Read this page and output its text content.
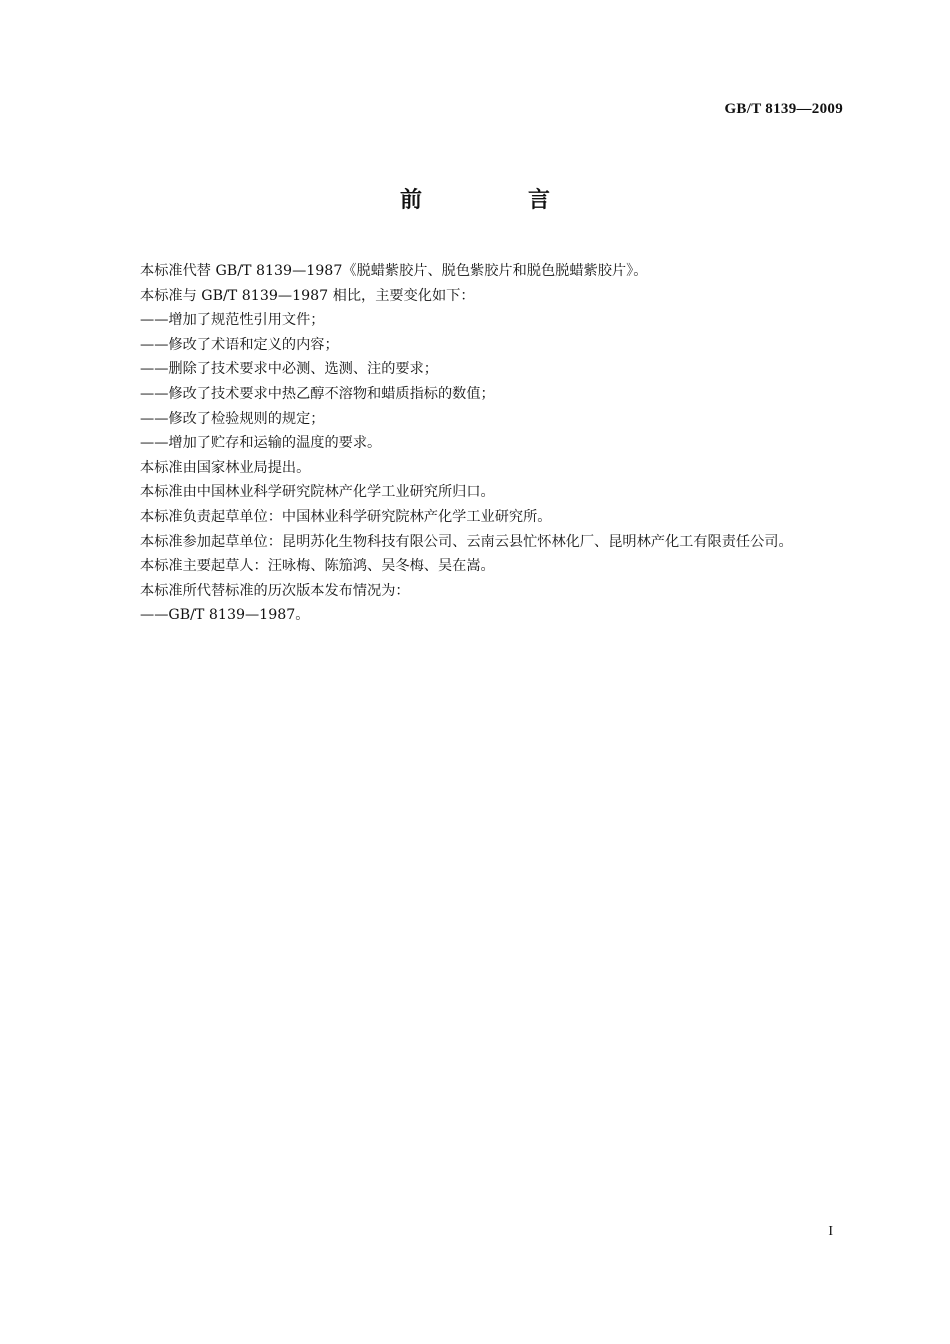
GB/T 8139—2009
前　言

本标准代替 GB/T 8139—1987《脱蜡紫胶片、脱色紫胶片和脱色脱蜡紫胶片》。

本标准与 GB/T 8139—1987 相比，主要变化如下：

——增加了规范性引用文件；

——修改了术语和定义的内容；

——删除了技术要求中必测、选测、注的要求；

——修改了技术要求中热乙醇不溶物和蜡质指标的数值；

——修改了检验规则的规定；

——增加了贮存和运输的温度的要求。

本标准由国家林业局提出。

本标准由中国林业科学研究院林产化学工业研究所归口。

本标准负责起草单位：中国林业科学研究院林产化学工业研究所。

本标准参加起草单位：昆明苏化生物科技有限公司、云南云县忙怀林化厂、昆明林产化工有限责任公司。

本标准主要起草人：汪咏梅、陈笳鸿、吴冬梅、吴在嵩。

本标准所代替标准的历次版本发布情况为：

——GB/T 8139—1987。

I
